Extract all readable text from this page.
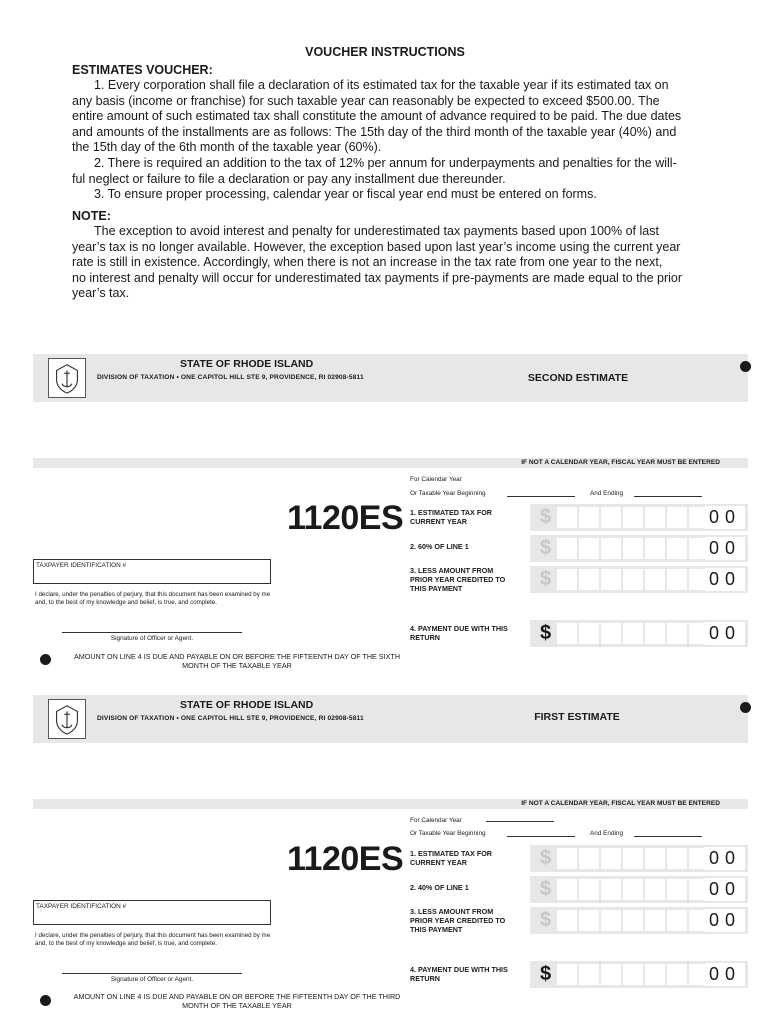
VOUCHER INSTRUCTIONS
ESTIMATES VOUCHER:
1. Every corporation shall file a declaration of its estimated tax for the taxable year if its estimated tax on
any basis (income or franchise) for such taxable year can reasonably be expected to exceed $500.00. The
entire amount of such estimated tax shall constitute the amount of advance required to be paid. The due dates
and amounts of the installments are as follows: The 15th day of the third month of the taxable year (40%) and
the 15th day of the 6th month of the taxable year (60%).
2. There is required an addition to the tax of 12% per annum for underpayments and penalties for the will-
ful neglect or failure to file a declaration or pay any installment due thereunder.
3. To ensure proper processing, calendar year or fiscal year end must be entered on forms.
NOTE:
The exception to avoid interest and penalty for underestimated tax payments based upon 100% of last
year’s tax is no longer available. However, the exception based upon last year’s income using the current year
rate is still in existence. Accordingly, when there is not an increase in the tax rate from one year to the next,
no interest and penalty will occur for underestimated tax payments if pre-payments are made equal to the prior
year’s tax.
STATE OF RHODE ISLAND
DIVISION OF TAXATION • ONE CAPITOL HILL STE 9, PROVIDENCE, RI 02908-5811	SECOND ESTIMATE
IF NOT A CALENDAR YEAR, FISCAL YEAR MUST BE ENTERED
For Calendar Year
Or Taxable Year Beginning	And Ending
1120ES 1. ESTIMATED TAX FOR CURRENT YEAR	$	00
2. 60% OF LINE 1	$	00
3. LESS AMOUNT FROM PRIOR YEAR CREDITED TO THIS PAYMENT	$	00
TAXPAYER IDENTIFICATION #
I declare, under the penalties of perjury, that this document has been examined by me and, to the best of my knowledge and belief, is true, and complete.
4. PAYMENT DUE WITH THIS RETURN	$	00
Signature of Officer or Agent.
AMOUNT ON LINE 4 IS DUE AND PAYABLE ON OR BEFORE THE FIFTEENTH DAY OF THE SIXTH MONTH OF THE TAXABLE YEAR
STATE OF RHODE ISLAND
DIVISION OF TAXATION • ONE CAPITOL HILL STE 9, PROVIDENCE, RI 02908-5811	FIRST ESTIMATE
IF NOT A CALENDAR YEAR, FISCAL YEAR MUST BE ENTERED
For Calendar Year
Or Taxable Year Beginning	And Ending
1120ES 1. ESTIMATED TAX FOR CURRENT YEAR	$	00
2. 40% OF LINE 1	$	00
3. LESS AMOUNT FROM PRIOR YEAR CREDITED TO THIS PAYMENT	$	00
TAXPAYER IDENTIFICATION #
I declare, under the penalties of perjury, that this document has been examined by me and, to the best of my knowledge and belief, is true, and complete.
4. PAYMENT DUE WITH THIS RETURN	$	00
Signature of Officer or Agent.
AMOUNT ON LINE 4 IS DUE AND PAYABLE ON OR BEFORE THE FIFTEENTH DAY OF THE THIRD MONTH OF THE TAXABLE YEAR
